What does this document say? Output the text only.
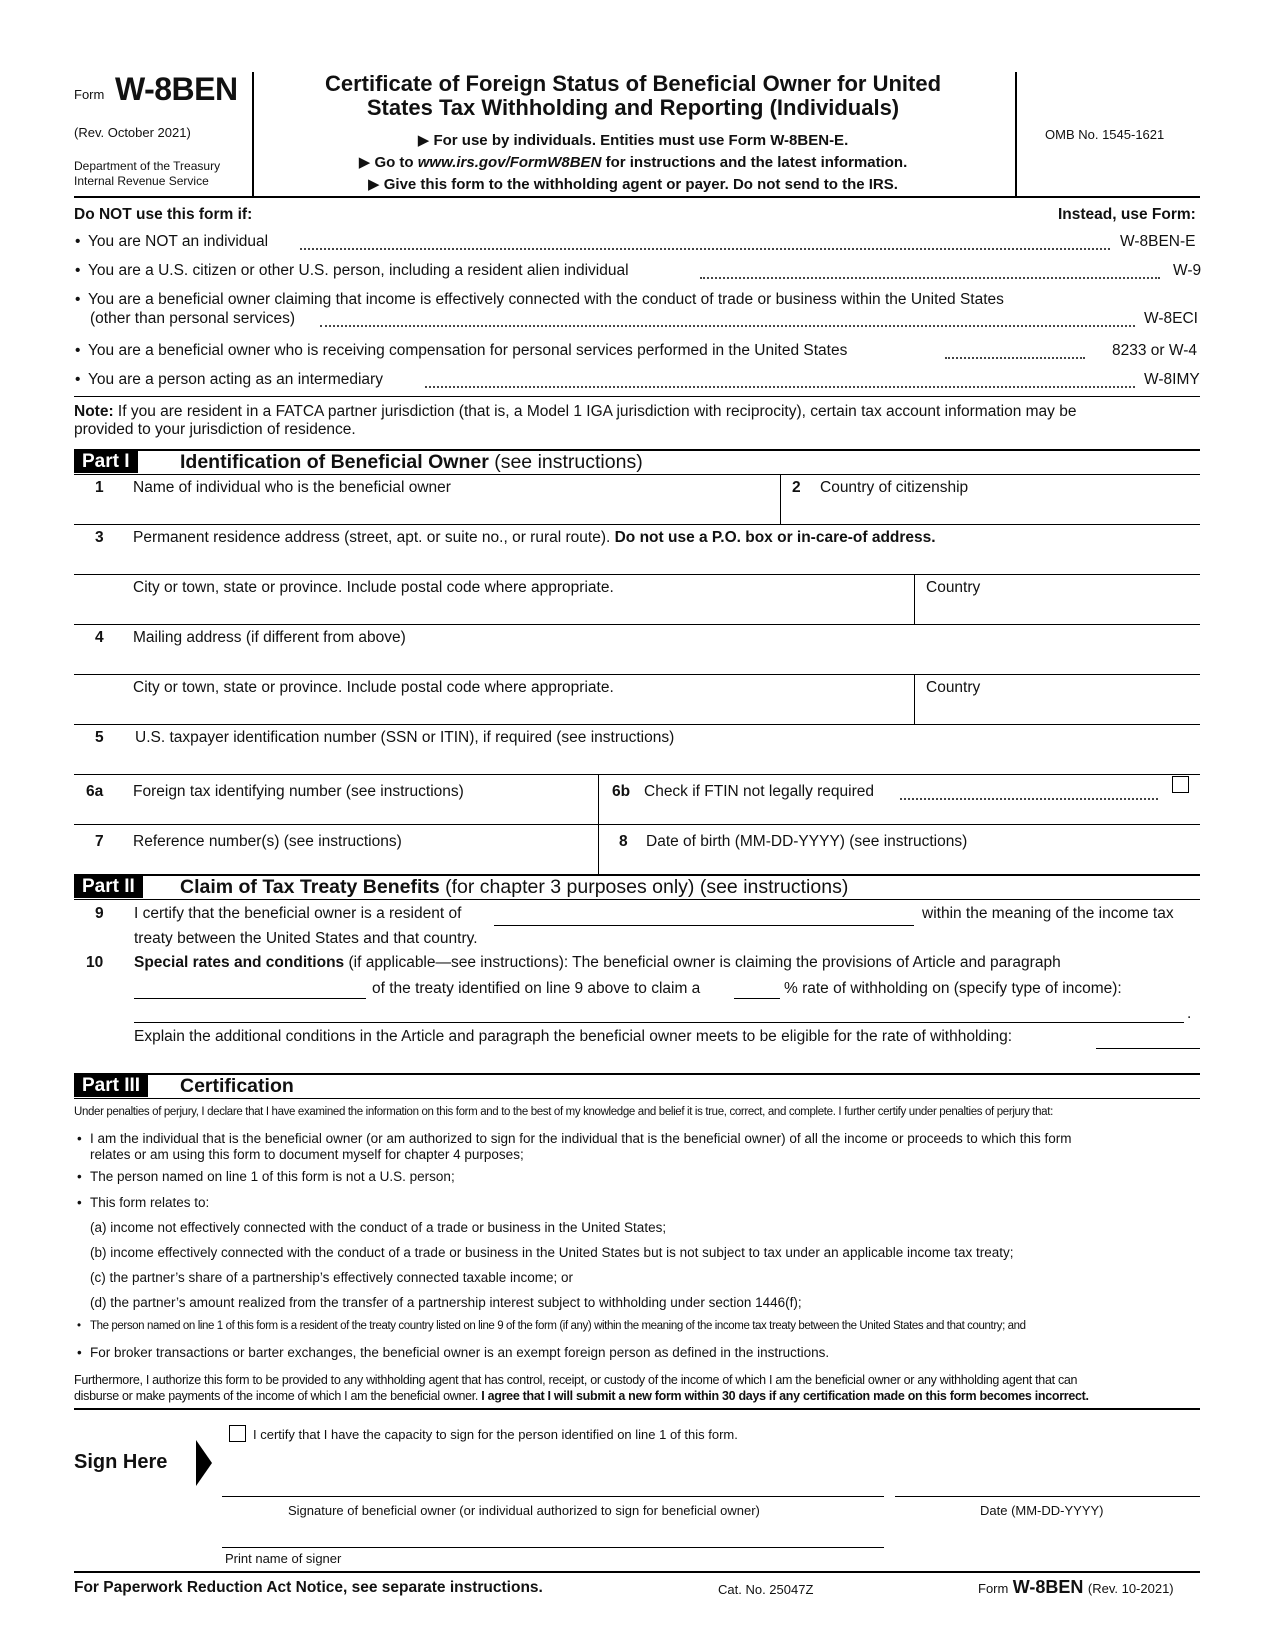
Form W-8BEN
(Rev. October 2021)
Department of the Treasury
Internal Revenue Service
Certificate of Foreign Status of Beneficial Owner for United
States Tax Withholding and Reporting (Individuals)
▶ For use by individuals. Entities must use Form W-8BEN-E.
▶ Go to www.irs.gov/FormW8BEN for instructions and the latest information.
▶ Give this form to the withholding agent or payer. Do not send to the IRS.
OMB No. 1545-1621
Do NOT use this form if:	Instead, use Form:
• You are NOT an individual	W-8BEN-E
• You are a U.S. citizen or other U.S. person, including a resident alien individual	W-9
• You are a beneficial owner claiming that income is effectively connected with the conduct of trade or business within the United States
(other than personal services)	W-8ECI
• You are a beneficial owner who is receiving compensation for personal services performed in the United States	8233 or W-4
• You are a person acting as an intermediary	W-8IMY
Note: If you are resident in a FATCA partner jurisdiction (that is, a Model 1 IGA jurisdiction with reciprocity), certain tax account information may be
provided to your jurisdiction of residence.
Part I	Identification of Beneficial Owner (see instructions)
1 Name of individual who is the beneficial owner	2 Country of citizenship
3 Permanent residence address (street, apt. or suite no., or rural route). Do not use a P.O. box or in-care-of address.
City or town, state or province. Include postal code where appropriate.	Country
4 Mailing address (if different from above)
City or town, state or province. Include postal code where appropriate.	Country
5 U.S. taxpayer identification number (SSN or ITIN), if required (see instructions)
6a Foreign tax identifying number (see instructions)	6b Check if FTIN not legally required
7 Reference number(s) (see instructions)	8 Date of birth (MM-DD-YYYY) (see instructions)
Part II	Claim of Tax Treaty Benefits (for chapter 3 purposes only) (see instructions)
9 I certify that the beneficial owner is a resident of	within the meaning of the income tax
treaty between the United States and that country.
10 Special rates and conditions (if applicable—see instructions): The beneficial owner is claiming the provisions of Article and paragraph
of the treaty identified on line 9 above to claim a	% rate of withholding on (specify type of income):
.
Explain the additional conditions in the Article and paragraph the beneficial owner meets to be eligible for the rate of withholding:
Part III	Certification
Under penalties of perjury, I declare that I have examined the information on this form and to the best of my knowledge and belief it is true, correct, and complete. I further certify under penalties of perjury that:
• I am the individual that is the beneficial owner (or am authorized to sign for the individual that is the beneficial owner) of all the income or proceeds to which this form
relates or am using this form to document myself for chapter 4 purposes;
• The person named on line 1 of this form is not a U.S. person;
• This form relates to:
(a) income not effectively connected with the conduct of a trade or business in the United States;
(b) income effectively connected with the conduct of a trade or business in the United States but is not subject to tax under an applicable income tax treaty;
(c) the partner’s share of a partnership’s effectively connected taxable income; or
(d) the partner’s amount realized from the transfer of a partnership interest subject to withholding under section 1446(f);
• The person named on line 1 of this form is a resident of the treaty country listed on line 9 of the form (if any) within the meaning of the income tax treaty between the United States and that country; and
• For broker transactions or barter exchanges, the beneficial owner is an exempt foreign person as defined in the instructions.
Furthermore, I authorize this form to be provided to any withholding agent that has control, receipt, or custody of the income of which I am the beneficial owner or any withholding agent that can
disburse or make payments of the income of which I am the beneficial owner. I agree that I will submit a new form within 30 days if any certification made on this form becomes incorrect.
Sign Here
I certify that I have the capacity to sign for the person identified on line 1 of this form.
Signature of beneficial owner (or individual authorized to sign for beneficial owner)	Date (MM-DD-YYYY)
Print name of signer
For Paperwork Reduction Act Notice, see separate instructions.	Cat. No. 25047Z	Form W-8BEN (Rev. 10-2021)
